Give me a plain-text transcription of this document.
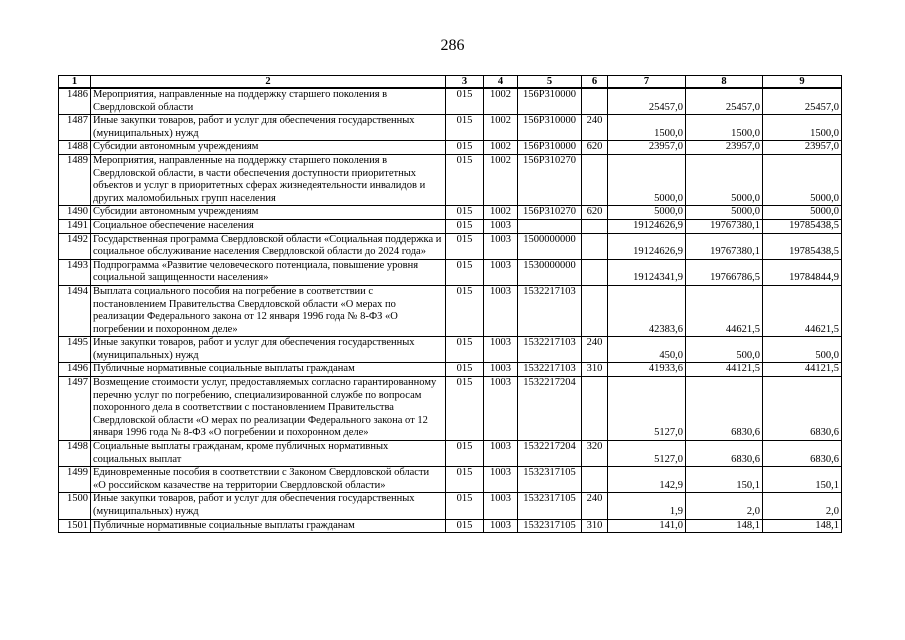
286
1	2	3	4	5	6	7	8	9
1486	Мероприятия, направленные на поддержку старшего поколения в Свердловской области	015	1002	156P310000		25457,0	25457,0	25457,0
1487	Иные закупки товаров, работ и услуг для обеспечения государственных (муниципальных) нужд	015	1002	156P310000	240	1500,0	1500,0	1500,0
1488	Субсидии автономным учреждениям	015	1002	156P310000	620	23957,0	23957,0	23957,0
1489	Мероприятия, направленные на поддержку старшего поколения в Свердловской области, в части обеспечения доступности приоритетных объектов и услуг в приоритетных сферах жизнедеятельности инвалидов и других маломобильных групп населения	015	1002	156P310270		5000,0	5000,0	5000,0
1490	Субсидии автономным учреждениям	015	1002	156P310270	620	5000,0	5000,0	5000,0
1491	Социальное обеспечение населения	015	1003			19124626,9	19767380,1	19785438,5
1492	Государственная программа Свердловской области «Социальная поддержка и социальное обслуживание населения Свердловской области до 2024 года»	015	1003	1500000000		19124626,9	19767380,1	19785438,5
1493	Подпрограмма «Развитие человеческого потенциала, повышение уровня социальной защищенности населения»	015	1003	1530000000		19124341,9	19766786,5	19784844,9
1494	Выплата социального пособия на погребение в соответствии с постановлением Правительства Свердловской области «О мерах по реализации Федерального закона от 12 января 1996 года № 8-ФЗ «О погребении и похоронном деле»	015	1003	1532217103		42383,6	44621,5	44621,5
1495	Иные закупки товаров, работ и услуг для обеспечения государственных (муниципальных) нужд	015	1003	1532217103	240	450,0	500,0	500,0
1496	Публичные нормативные социальные выплаты гражданам	015	1003	1532217103	310	41933,6	44121,5	44121,5
1497	Возмещение стоимости услуг, предоставляемых согласно гарантированному перечню услуг по погребению, специализированной службе по вопросам похоронного дела в соответствии с постановлением Правительства Свердловской области «О мерах по реализации Федерального закона от 12 января 1996 года № 8-ФЗ «О погребении и похоронном деле»	015	1003	1532217204		5127,0	6830,6	6830,6
1498	Социальные выплаты гражданам, кроме публичных нормативных социальных выплат	015	1003	1532217204	320	5127,0	6830,6	6830,6
1499	Единовременные пособия в соответствии с Законом Свердловской области «О российском казачестве на территории Свердловской области»	015	1003	1532317105		142,9	150,1	150,1
1500	Иные закупки товаров, работ и услуг для обеспечения государственных (муниципальных) нужд	015	1003	1532317105	240	1,9	2,0	2,0
1501	Публичные нормативные социальные выплаты гражданам	015	1003	1532317105	310	141,0	148,1	148,1
